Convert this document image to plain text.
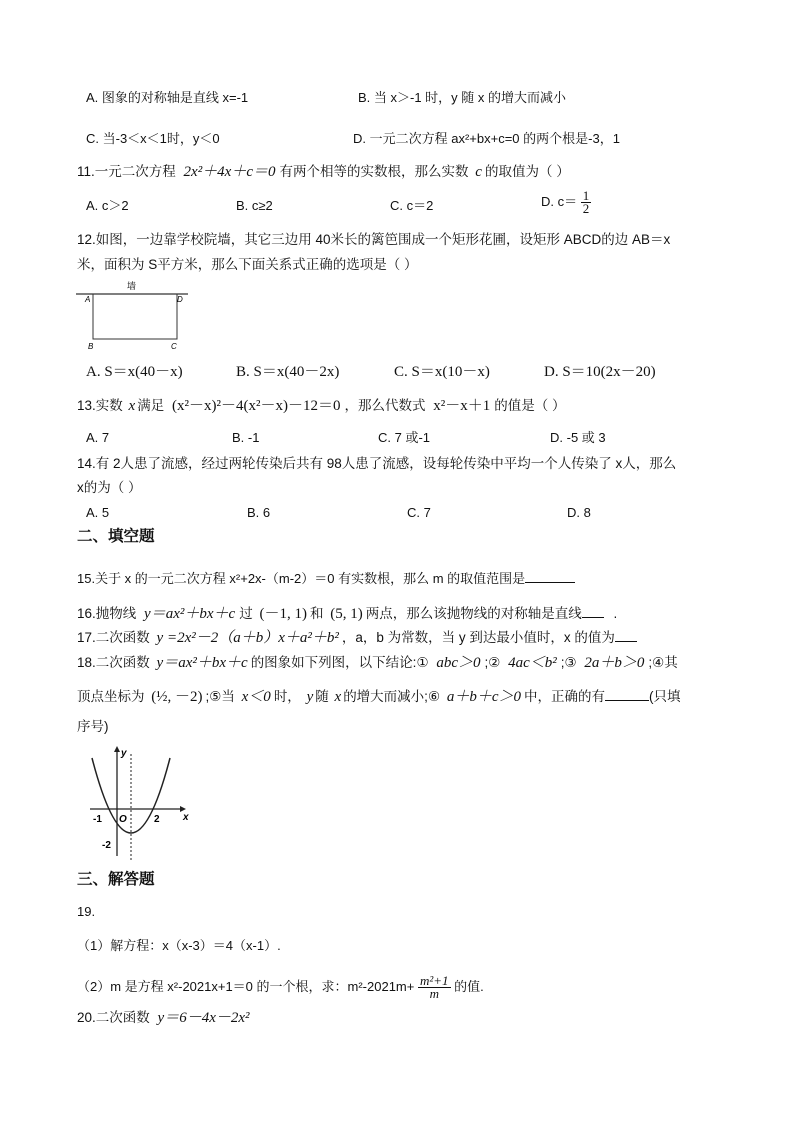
A. 图象的对称轴是直线 x=-1	B. 当 x＞-1 时，y 随 x 的增大而减小
C. 当-3＜x＜1时，y＜0	D. 一元二次方程 ax²+bx+c=0 的两个根是-3，1
11.一元二次方程 2x²＋4x＋c＝0 有两个相等的实数根，那么实数 c 的取值为（ ）
A. c＞2	B. c≥2	C. c＝2	D. $c= \frac{1}{2}$
12.如图，一边靠学校院墙，其它三边用 40米长的篱笆围成一个矩形花圃，设矩形 ABCD的边 AB＝x
米，面积为 S平方米，那么下面关系式正确的选项是（ ）
墙
A	D
B	C
A. S＝x(40－x)	B. S＝x(40－2x)	C. S＝x(10－x)	D. S＝10(2x－20)
13.实数 x 满足 (x²－x)²－4(x²－x)－12＝0 ，那么代数式 x²－x＋1 的值是（ ）
A. 7	B. -1	C. 7 或-1	D. -5 或 3
14.有 2人患了流感，经过两轮传染后共有 98人患了流感，设每轮传染中平均一个人传染了 x人，那么
x的为（ ）
A. 5	B. 6	C. 7	D. 8
二、填空题
15.关于 x 的一元二次方程 x²+2x-（m-2）＝0 有实数根，那么 m 的取值范围是
16.抛物线 y＝ax²＋bx＋c 过 (－1, 1) 和 (5, 1) 两点，那么该抛物线的对称轴是直线 .
17.二次函数 y =2x²－2（a＋b）x＋a²＋b² ，a，b 为常数，当 y 到达最小值时，x 的值为
18.二次函数 y＝ax²＋bx＋c 的图象如下列图，以下结论:① abc＞0 ;② 4ac＜b² ;③ 2a＋b＞0 ;④其
顶点坐标为 (½, －2) ;⑤当 x＜0 时， y 随 x 的增大而减小;⑥ a＋b＋c＞0 中，正确的有	(只填
序号)
y
x
-1 O	2
-2
三、解答题
19.
（1）解方程：x（x-3）＝4（x-1）.
（2）m 是方程 x²-2021x+1＝0 的一个根，求：$m^2-2021m+ \frac{\text{m²+1}}{m}$ 的值.
20.二次函数 y＝6－4x－2x²
